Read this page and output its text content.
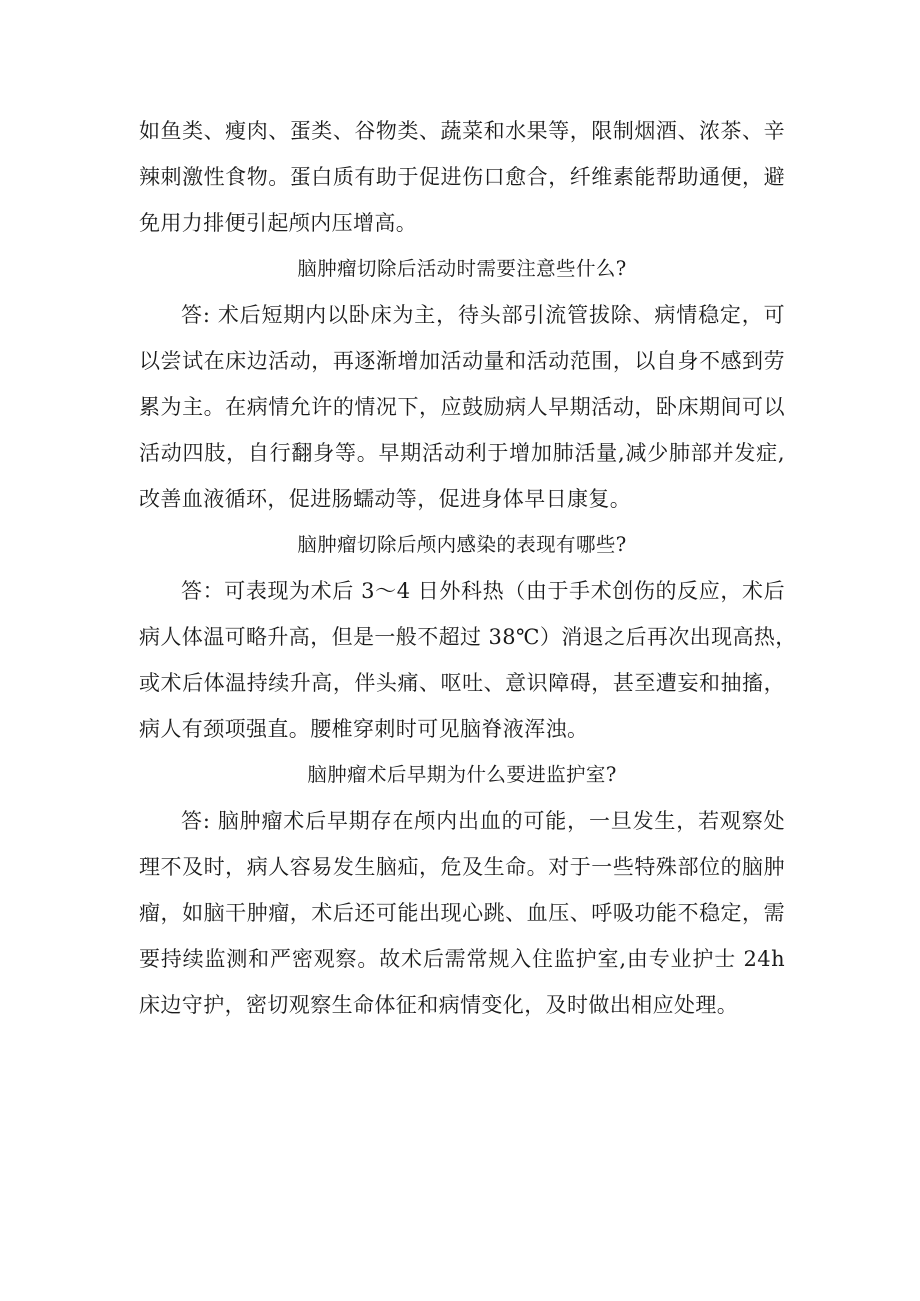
如鱼类、瘦肉、蛋类、谷物类、蔬菜和水果等，限制烟酒、浓茶、辛
辣刺激性食物。蛋白质有助于促进伤口愈合，纤维素能帮助通便，避
免用力排便引起颅内压增高。
脑肿瘤切除后活动时需要注意些什么?
答: 术后短期内以卧床为主，待头部引流管拔除、病情稳定，可
以尝试在床边活动，再逐渐增加活动量和活动范围，以自身不感到劳
累为主。在病情允许的情况下，应鼓励病人早期活动，卧床期间可以
活动四肢，自行翻身等。早期活动利于增加肺活量,减少肺部并发症,
改善血液循环，促进肠蠕动等，促进身体早日康复。
脑肿瘤切除后颅内感染的表现有哪些?
答：可表现为术后 3～4 日外科热（由于手术创伤的反应，术后
病人体温可略升高，但是一般不超过 38℃）消退之后再次出现高热，
或术后体温持续升高，伴头痛、呕吐、意识障碍，甚至遭妄和抽搐，
病人有颈项强直。腰椎穿刺时可见脑脊液浑浊。
脑肿瘤术后早期为什么要进监护室?
答: 脑肿瘤术后早期存在颅内出血的可能，一旦发生，若观察处
理不及时，病人容易发生脑疝，危及生命。对于一些特殊部位的脑肿
瘤，如脑干肿瘤，术后还可能出现心跳、血压、呼吸功能不稳定，需
要持续监测和严密观察。故术后需常规入住监护室,由专业护士 24h
床边守护，密切观察生命体征和病情变化，及时做出相应处理。
